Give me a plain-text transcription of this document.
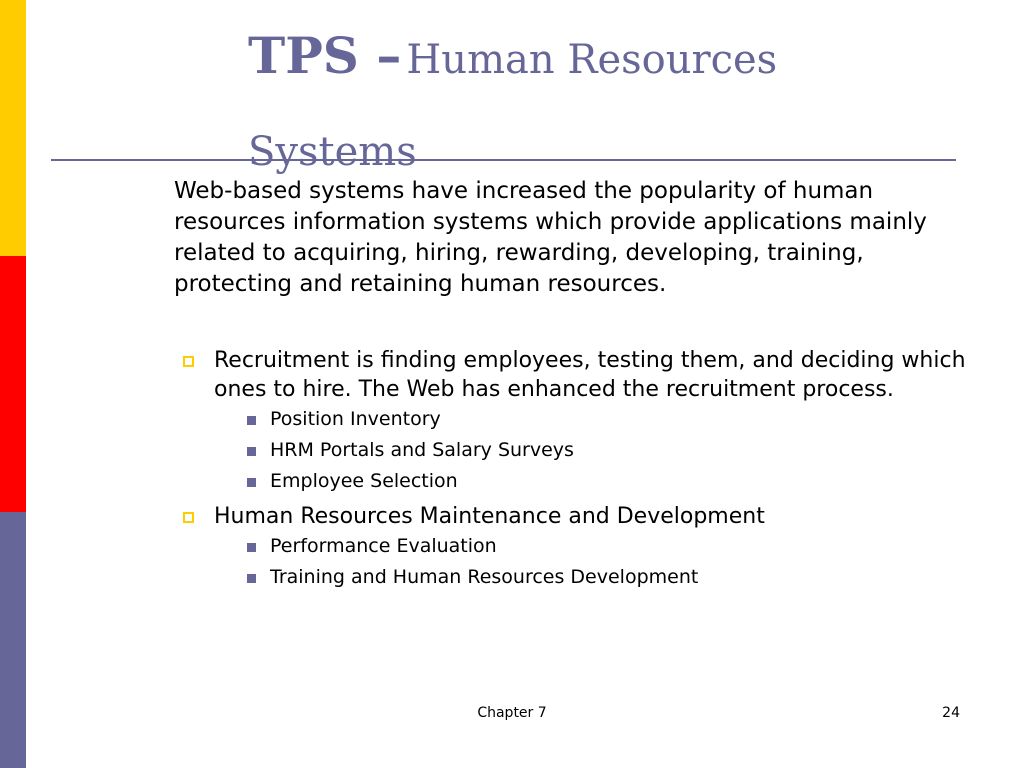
TPS – Human Resources
Systems
Web-based systems have increased the popularity of human resources information systems which provide applications mainly related to acquiring, hiring, rewarding, developing, training, protecting and retaining human resources.
Recruitment is finding employees, testing them, and deciding which ones to hire. The Web has enhanced the recruitment process.
Position Inventory
HRM Portals and Salary Surveys
Employee Selection
Human Resources Maintenance and Development
Performance Evaluation
Training and Human Resources Development
Chapter 7	24
